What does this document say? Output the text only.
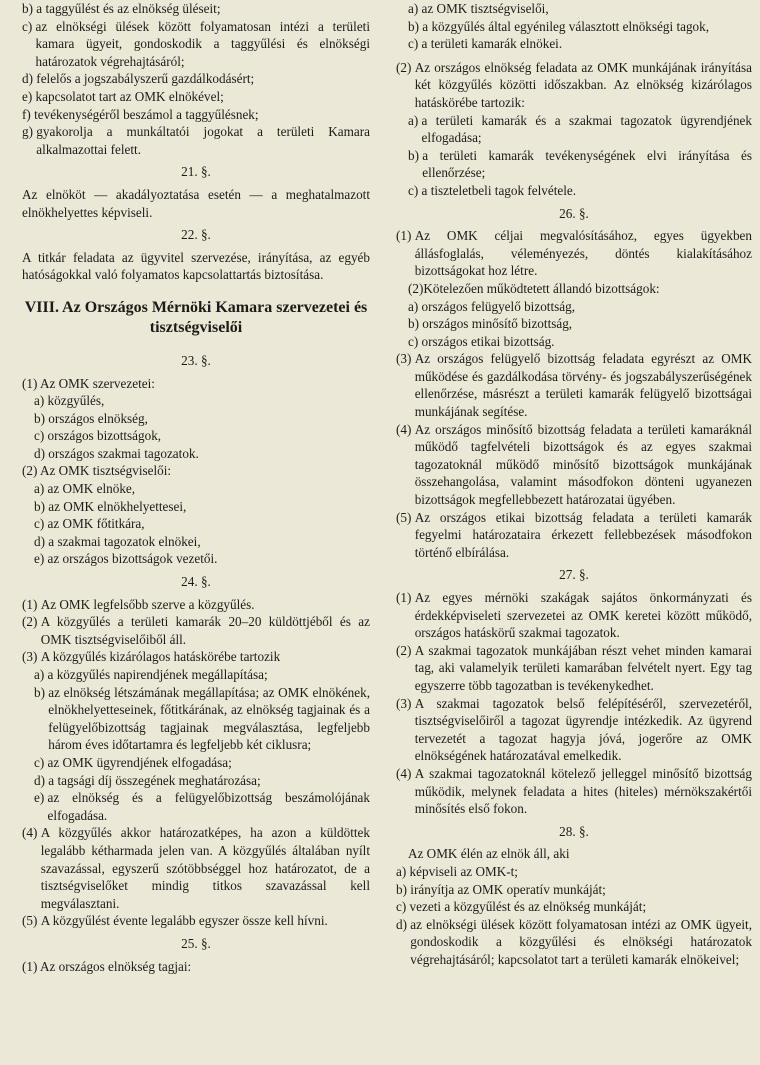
b)
a taggyűlést és az elnökség üléseit;
c)
az elnökségi ülések között folyamatosan intézi a területi kamara ügyeit, gondoskodik a taggyűlési és elnökségi határozatok végrehajtásáról;
d)
felelős a jogszabályszerű gazdálkodásért;
e)
kapcsolatot tart az OMK elnökével;
f)
tevékenységéről beszámol a taggyűlésnek;
g)
gyakorolja a munkáltatói jogokat a területi Kamara alkalmazottai felett.
21. §.
Az elnököt — akadályoztatása esetén — a meghatalmazott elnökhelyettes képviseli.
22. §.
A titkár feladata az ügyvitel szervezése, irányítása, az egyéb hatóságokkal való folyamatos kapcsolattartás biztosítása.
VIII. Az Országos Mérnöki Kamara szervezetei és tisztségviselői
23. §.
(1) Az OMK szervezetei:
a)
közgyűlés,
b)
országos elnökség,
c)
országos bizottságok,
d)
országos szakmai tagozatok.
(2) Az OMK tisztségviselői:
a)
az OMK elnöke,
b)
az OMK elnökhelyettesei,
c)
az OMK főtitkára,
d)
a szakmai tagozatok elnökei,
e)
az országos bizottságok vezetői.
24. §.
(1)
Az OMK legfelsőbb szerve a közgyűlés.
(2)
A közgyűlés a területi kamarák 20–20 küldöttjéből és az OMK tisztségviselőiből áll.
(3)
A közgyűlés kizárólagos hatáskörébe tartozik
a)
a közgyűlés napirendjének megállapítása;
b)
az elnökség létszámának megállapítása; az OMK elnökének, elnökhelyetteseinek, főtitkárának, az elnökség tagjainak és a felügyelőbizottság tagjainak megválasztása, legfeljebb három éves időtartamra és legfeljebb két ciklusra;
c)
az OMK ügyrendjének elfogadása;
d)
a tagsági díj összegének meghatározása;
e)
az elnökség és a felügyelőbizottság beszámolójának elfogadása.
(4)
A közgyűlés akkor határozatképes, ha azon a küldöttek legalább kétharmada jelen van. A közgyűlés általában nyílt szavazással, egyszerű szótöbbséggel hoz határozatot, de a tisztségviselőket mindig titkos szavazással kell megválasztani.
(5)
A közgyűlést évente legalább egyszer össze kell hívni.
25. §.
(1) Az országos elnökség tagjai:
a)
az OMK tisztségviselői,
b)
a közgyűlés által egyénileg választott elnökségi tagok,
c)
a területi kamarák elnökei.
(2)
Az országos elnökség feladata az OMK munkájának irányítása két közgyűlés közötti időszakban. Az elnökség kizárólagos hatáskörébe tartozik:
a)
a területi kamarák és a szakmai tagozatok ügyrendjének elfogadása;
b)
a területi kamarák tevékenységének elvi irányítása és ellenőrzése;
c)
a tiszteletbeli tagok felvétele.
26. §.
(1)
Az OMK céljai megvalósításához, egyes ügyekben állásfoglalás, véleményezés, döntés kialakításához bizottságokat hoz létre.
(2)Kötelezően működtetett állandó bizottságok:
a)
országos felügyelő bizottság,
b)
országos minősítő bizottság,
c)
országos etikai bizottság.
(3)
Az országos felügyelő bizottság feladata egyrészt az OMK működése és gazdálkodása törvény- és jogszabályszerűségének ellenőrzése, másrészt a területi kamarák felügyelő bizottságai munkájának segítése.
(4)
Az országos minősítő bizottság feladata a területi kamaráknál működő tagfelvételi bizottságok és az egyes szakmai tagozatoknál működő minősítő bizottságok munkájának összehangolása, valamint másodfokon dönteni ugyanezen bizottságok megfellebbezett határozatai ügyében.
(5)
Az országos etikai bizottság feladata a területi kamarák fegyelmi határozataira érkezett fellebbezések másodfokon történő elbírálása.
27. §.
(1)
Az egyes mérnöki szakágak sajátos önkormányzati és érdekképviseleti szervezetei az OMK keretei között működő, országos hatáskörű szakmai tagozatok.
(2)
A szakmai tagozatok munkájában részt vehet minden kamarai tag, aki valamelyik területi kamarában felvételt nyert. Egy tag egyszerre több tagozatban is tevékenykedhet.
(3)
A szakmai tagozatok belső felépítéséről, szervezetéről, tisztségviselőiről a tagozat ügyrendje intézkedik. Az ügyrend tervezetét a tagozat hagyja jóvá, jogerőre az OMK elnökségének határozatával emelkedik.
(4)
A szakmai tagozatoknál kötelező jelleggel minősítő bizottság működik, melynek feladata a hites (hiteles) mérnökszakértői minősítés első fokon.
28. §.
Az OMK élén az elnök áll, aki
a)
képviseli az OMK-t;
b)
irányítja az OMK operatív munkáját;
c)
vezeti a közgyűlést és az elnökség munkáját;
d)
az elnökségi ülések között folyamatosan intézi az OMK ügyeit, gondoskodik a közgyűlési és elnökségi határozatok végrehajtásáról; kapcsolatot tart a területi kamarák elnökeivel;
